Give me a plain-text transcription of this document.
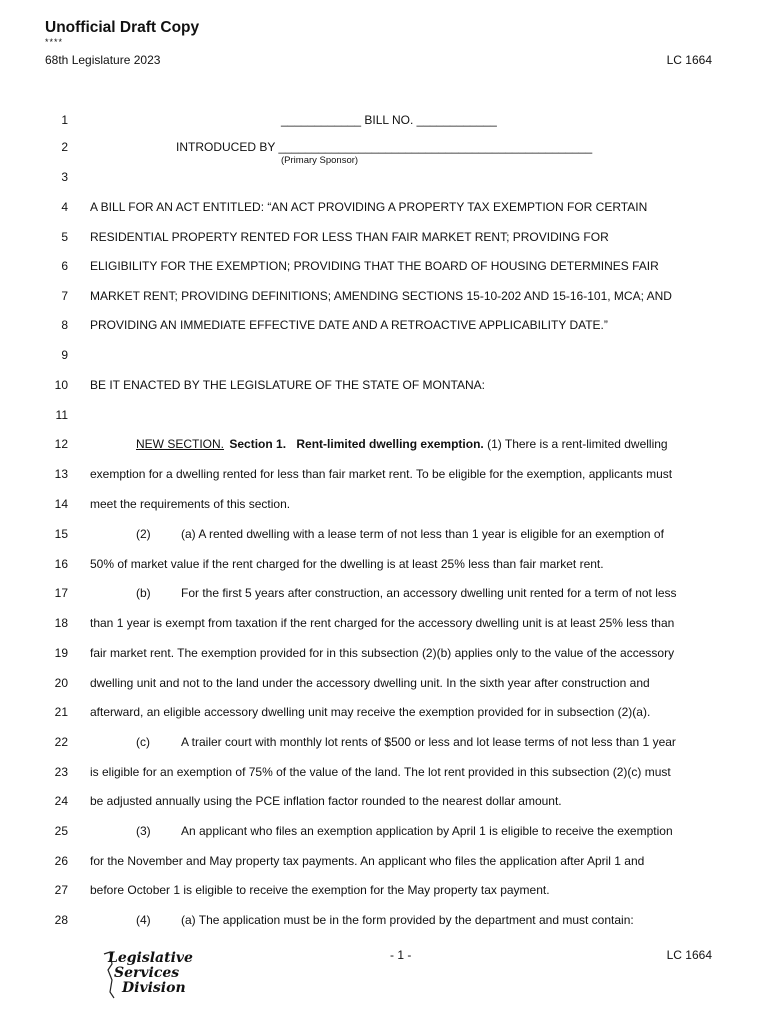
Unofficial Draft Copy
****
68th Legislature 2023	LC 1664
1
2
3
4
5
6
7
8
9
10
11
12
13
14
15
16
17
18
19
20
21
22
23
24
25
26
27
28
____________ BILL NO. ____________
INTRODUCED BY _______________________________________________
(Primary Sponsor)
A BILL FOR AN ACT ENTITLED: “AN ACT PROVIDING A PROPERTY TAX EXEMPTION FOR CERTAIN
RESIDENTIAL PROPERTY RENTED FOR LESS THAN FAIR MARKET RENT; PROVIDING FOR
ELIGIBILITY FOR THE EXEMPTION; PROVIDING THAT THE BOARD OF HOUSING DETERMINES FAIR
MARKET RENT; PROVIDING DEFINITIONS; AMENDING SECTIONS 15-10-202 AND 15-16-101, MCA; AND
PROVIDING AN IMMEDIATE EFFECTIVE DATE AND A RETROACTIVE APPLICABILITY DATE.”
BE IT ENACTED BY THE LEGISLATURE OF THE STATE OF MONTANA:
NEW SECTION. Section 1. Rent-limited dwelling exemption. (1) There is a rent-limited dwelling
exemption for a dwelling rented for less than fair market rent. To be eligible for the exemption, applicants must
meet the requirements of this section.
(2)	(a) A rented dwelling with a lease term of not less than 1 year is eligible for an exemption of
50% of market value if the rent charged for the dwelling is at least 25% less than fair market rent.
(b)	For the first 5 years after construction, an accessory dwelling unit rented for a term of not less
than 1 year is exempt from taxation if the rent charged for the accessory dwelling unit is at least 25% less than
fair market rent. The exemption provided for in this subsection (2)(b) applies only to the value of the accessory
dwelling unit and not to the land under the accessory dwelling unit. In the sixth year after construction and
afterward, an eligible accessory dwelling unit may receive the exemption provided for in subsection (2)(a).
(c)	A trailer court with monthly lot rents of $500 or less and lot lease terms of not less than 1 year
is eligible for an exemption of 75% of the value of the land. The lot rent provided in this subsection (2)(c) must
be adjusted annually using the PCE inflation factor rounded to the nearest dollar amount.
(3)	An applicant who files an exemption application by April 1 is eligible to receive the exemption
for the November and May property tax payments. An applicant who files the application after April 1 and
before October 1 is eligible to receive the exemption for the May property tax payment.
(4)	(a) The application must be in the form provided by the department and must contain:
- 1 -	LC 1664
Legislative
Services
Division
